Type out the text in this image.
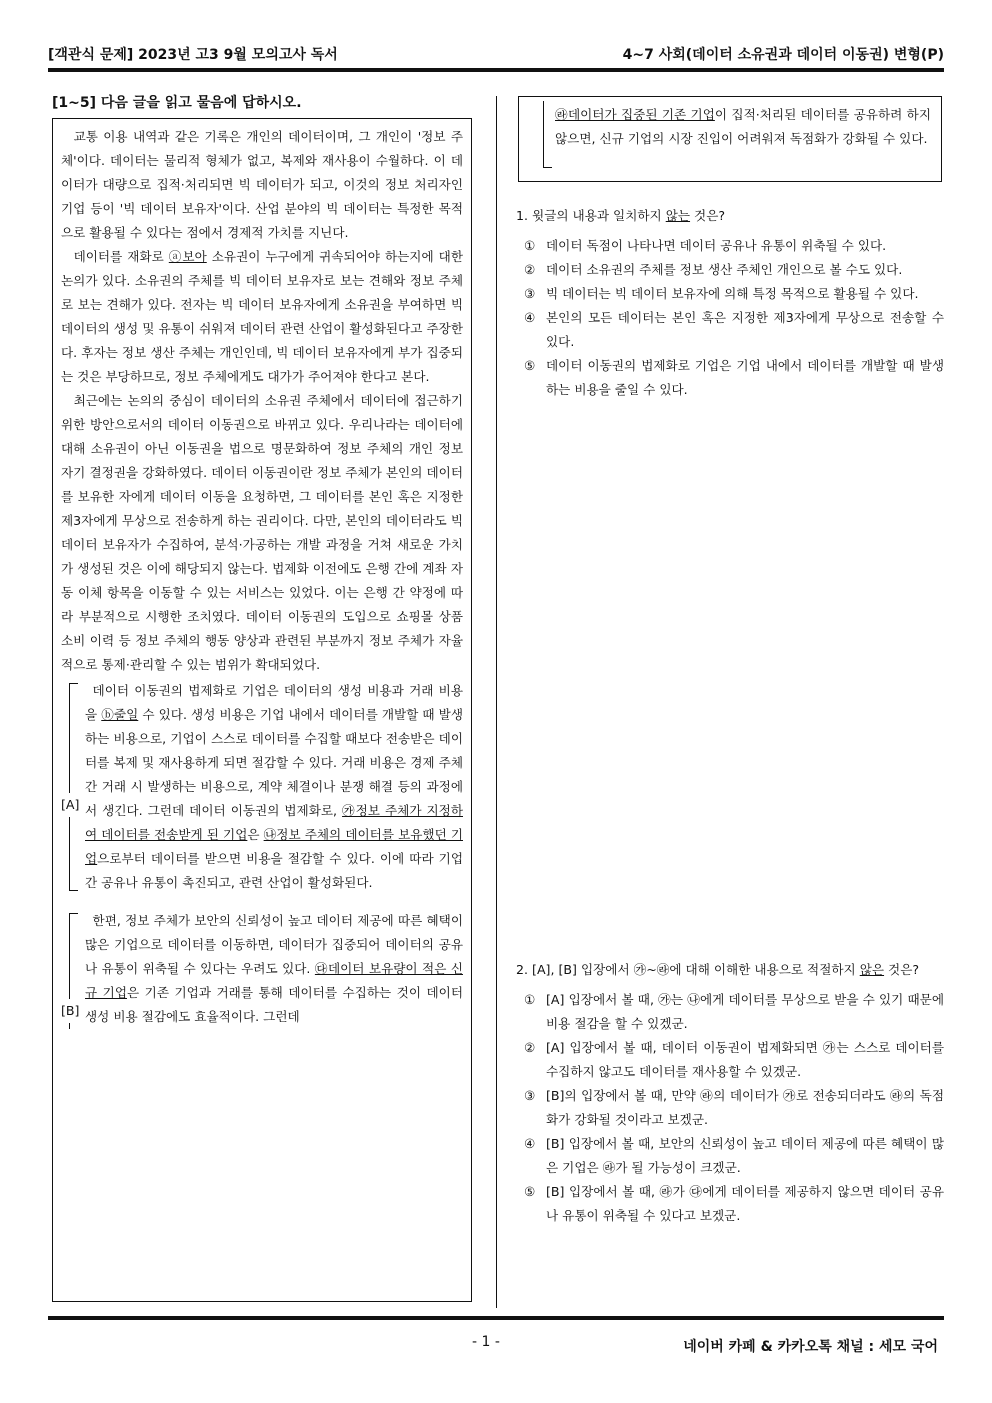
[객관식 문제] 2023년 고3 9월 모의고사 독서	4~7 사회(데이터 소유권과 데이터 이동권) 변형(P)
[1~5] 다음 글을 읽고 물음에 답하시오.

교통 이용 내역과 같은 기록은 개인의 데이터이며, 그 개인이 '정보 주체'이다. 데이터는 물리적 형체가 없고, 복제와 재사용이 수월하다. 이 데이터가 대량으로 집적·처리되면 빅 데이터가 되고, 이것의 정보 처리자인 기업 등이 '빅 데이터 보유자'이다. 산업 분야의 빅 데이터는 특정한 목적으로 활용될 수 있다는 점에서 경제적 가치를 지닌다.

데이터를 재화로 ⓐ보아 소유권이 누구에게 귀속되어야 하는지에 대한 논의가 있다. 소유권의 주체를 빅 데이터 보유자로 보는 견해와 정보 주체로 보는 견해가 있다. 전자는 빅 데이터 보유자에게 소유권을 부여하면 빅 데이터의 생성 및 유통이 쉬워져 데이터 관련 산업이 활성화된다고 주장한다. 후자는 정보 생산 주체는 개인인데, 빅 데이터 보유자에게 부가 집중되는 것은 부당하므로, 정보 주체에게도 대가가 주어져야 한다고 본다.

최근에는 논의의 중심이 데이터의 소유권 주체에서 데이터에 접근하기 위한 방안으로서의 데이터 이동권으로 바뀌고 있다. 우리나라는 데이터에 대해 소유권이 아닌 이동권을 법으로 명문화하여 정보 주체의 개인 정보 자기 결정권을 강화하였다. 데이터 이동권이란 정보 주체가 본인의 데이터를 보유한 자에게 데이터 이동을 요청하면, 그 데이터를 본인 혹은 지정한 제3자에게 무상으로 전송하게 하는 권리이다. 다만, 본인의 데이터라도 빅 데이터 보유자가 수집하여, 분석·가공하는 개발 과정을 거쳐 새로운 가치가 생성된 것은 이에 해당되지 않는다. 법제화 이전에도 은행 간에 계좌 자동 이체 항목을 이동할 수 있는 서비스는 있었다. 이는 은행 간 약정에 따라 부분적으로 시행한 조치였다. 데이터 이동권의 도입으로 쇼핑몰 상품 소비 이력 등 정보 주체의 행동 양상과 관련된 부분까지 정보 주체가 자율적으로 통제·관리할 수 있는 범위가 확대되었다.

[A]

데이터 이동권의 법제화로 기업은 데이터의 생성 비용과 거래 비용을 ⓑ줄일 수 있다. 생성 비용은 기업 내에서 데이터를 개발할 때 발생하는 비용으로, 기업이 스스로 데이터를 수집할 때보다 전송받은 데이터를 복제 및 재사용하게 되면 절감할 수 있다. 거래 비용은 경제 주체 간 거래 시 발생하는 비용으로, 계약 체결이나 분쟁 해결 등의 과정에서 생긴다. 그런데 데이터 이동권의 법제화로, ㉮정보 주체가 지정하여 데이터를 전송받게 된 기업은 ㉯정보 주체의 데이터를 보유했던 기업으로부터 데이터를 받으면 비용을 절감할 수 있다. 이에 따라 기업 간 공유나 유통이 촉진되고, 관련 산업이 활성화된다.

[B]

한편, 정보 주체가 보안의 신뢰성이 높고 데이터 제공에 따른 혜택이 많은 기업으로 데이터를 이동하면, 데이터가 집중되어 데이터의 공유나 유통이 위축될 수 있다는 우려도 있다. ㉰데이터 보유량이 적은 신규 기업은 기존 기업과 거래를 통해 데이터를 수집하는 것이 데이터 생성 비용 절감에도 효율적이다. 그런데

㉱데이터가 집중된 기존 기업이 집적·처리된 데이터를 공유하려 하지 않으면, 신규 기업의 시장 진입이 어려워져 독점화가 강화될 수 있다.

1. 윗글의 내용과 일치하지 않는 것은?

① 데이터 독점이 나타나면 데이터 공유나 유통이 위축될 수 있다.

② 데이터 소유권의 주체를 정보 생산 주체인 개인으로 볼 수도 있다.

③ 빅 데이터는 빅 데이터 보유자에 의해 특정 목적으로 활용될 수 있다.

④ 본인의 모든 데이터는 본인 혹은 지정한 제3자에게 무상으로 전송할 수 있다.

⑤ 데이터 이동권의 법제화로 기업은 기업 내에서 데이터를 개발할 때 발생하는 비용을 줄일 수 있다.

2. [A], [B] 입장에서 ㉮~㉱에 대해 이해한 내용으로 적절하지 않은 것은?

① [A] 입장에서 볼 때, ㉮는 ㉯에게 데이터를 무상으로 받을 수 있기 때문에 비용 절감을 할 수 있겠군.

② [A] 입장에서 볼 때, 데이터 이동권이 법제화되면 ㉮는 스스로 데이터를 수집하지 않고도 데이터를 재사용할 수 있겠군.

③ [B]의 입장에서 볼 때, 만약 ㉱의 데이터가 ㉮로 전송되더라도 ㉱의 독점화가 강화될 것이라고 보겠군.

④ [B] 입장에서 볼 때, 보안의 신뢰성이 높고 데이터 제공에 따른 혜택이 많은 기업은 ㉱가 될 가능성이 크겠군.

⑤ [B] 입장에서 볼 때, ㉱가 ㉰에게 데이터를 제공하지 않으면 데이터 공유나 유통이 위축될 수 있다고 보겠군.

- 1 -	네이버 카페 & 카카오톡 채널 : 세모 국어
